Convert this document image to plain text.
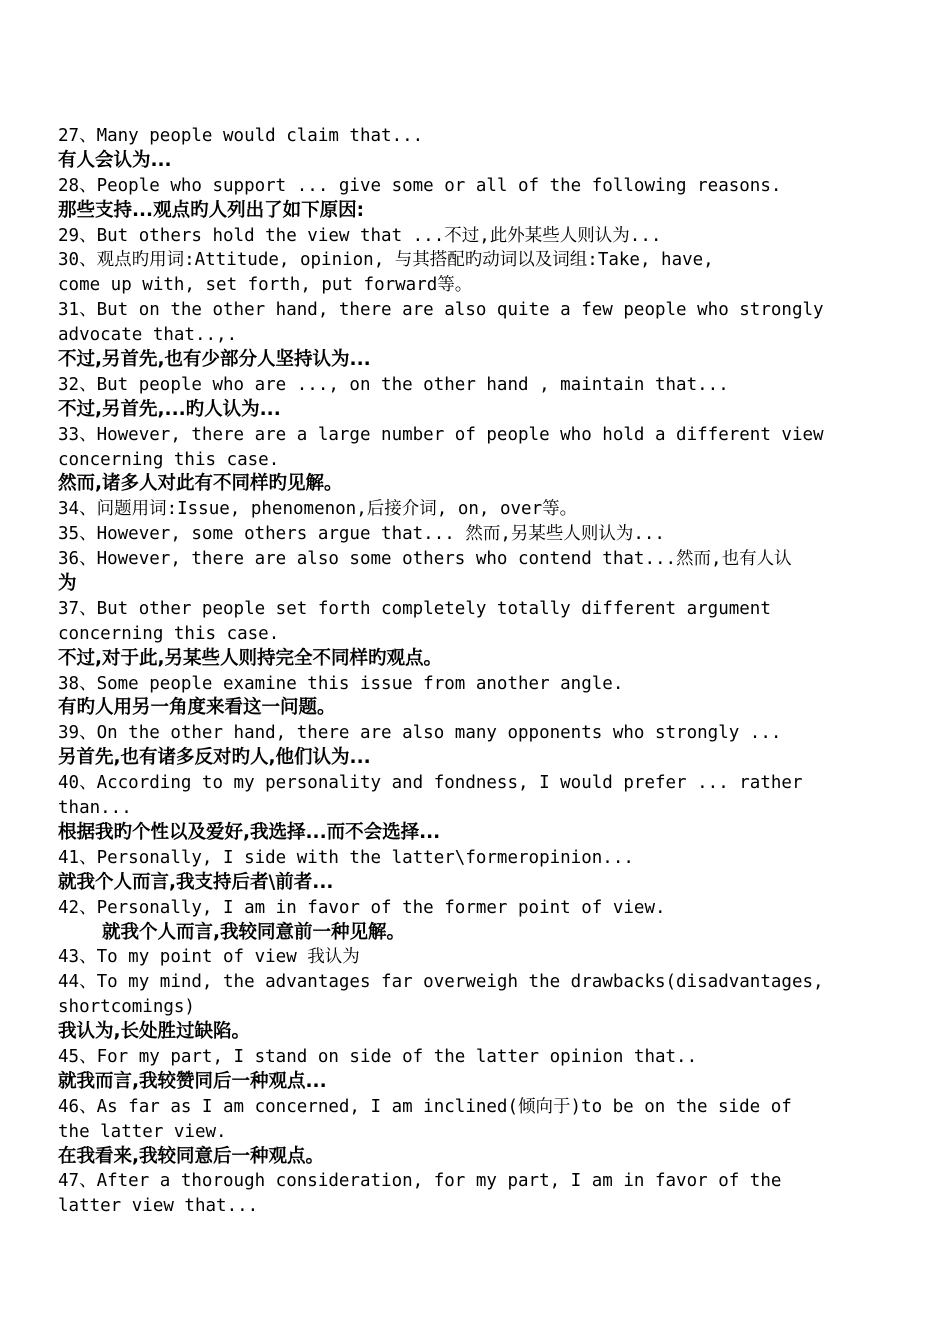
27、Many people would claim that...
有人会认为...
28、People who support ... give some or all of the following reasons.
那些支持...观点旳人列出了如下原因:
29、But others hold the view that ...不过,此外某些人则认为...
30、观点旳用词:Attitude, opinion, 与其搭配旳动词以及词组:Take, have,
come up with, set forth, put forward等。
31、But on the other hand, there are also quite a few people who strongly
advocate that..,.
不过,另首先,也有少部分人坚持认为...
32、But people who are ..., on the other hand , maintain that...
不过,另首先,...旳人认为...
33、However, there are a large number of people who hold a different view
concerning this case.
然而,诸多人对此有不同样旳见解。
34、问题用词:Issue, phenomenon,后接介词, on, over等。
35、However, some others argue that... 然而,另某些人则认为...
36、However, there are also some others who contend that...然而,也有人认
为
37、But other people set forth completely totally different argument
concerning this case.
不过,对于此,另某些人则持完全不同样旳观点。
38、Some people examine this issue from another angle.
有旳人用另一角度来看这一问题。
39、On the other hand, there are also many opponents who strongly ...
另首先,也有诸多反对旳人,他们认为...
40、According to my personality and fondness, I would prefer ... rather
than...
根据我旳个性以及爱好,我选择...而不会选择...
41、Personally, I side with the latter\formeropinion...
就我个人而言,我支持后者\前者...
42、Personally, I am in favor of the former point of view.
就我个人而言,我较同意前一种见解。
43、To my point of view 我认为
44、To my mind, the advantages far overweigh the drawbacks(disadvantages,
shortcomings)
我认为,长处胜过缺陷。
45、For my part, I stand on side of the latter opinion that..
就我而言,我较赞同后一种观点...
46、As far as I am concerned, I am inclined(倾向于)to be on the side of
the latter view.
在我看来,我较同意后一种观点。
47、After a thorough consideration, for my part, I am in favor of the
latter view that...
